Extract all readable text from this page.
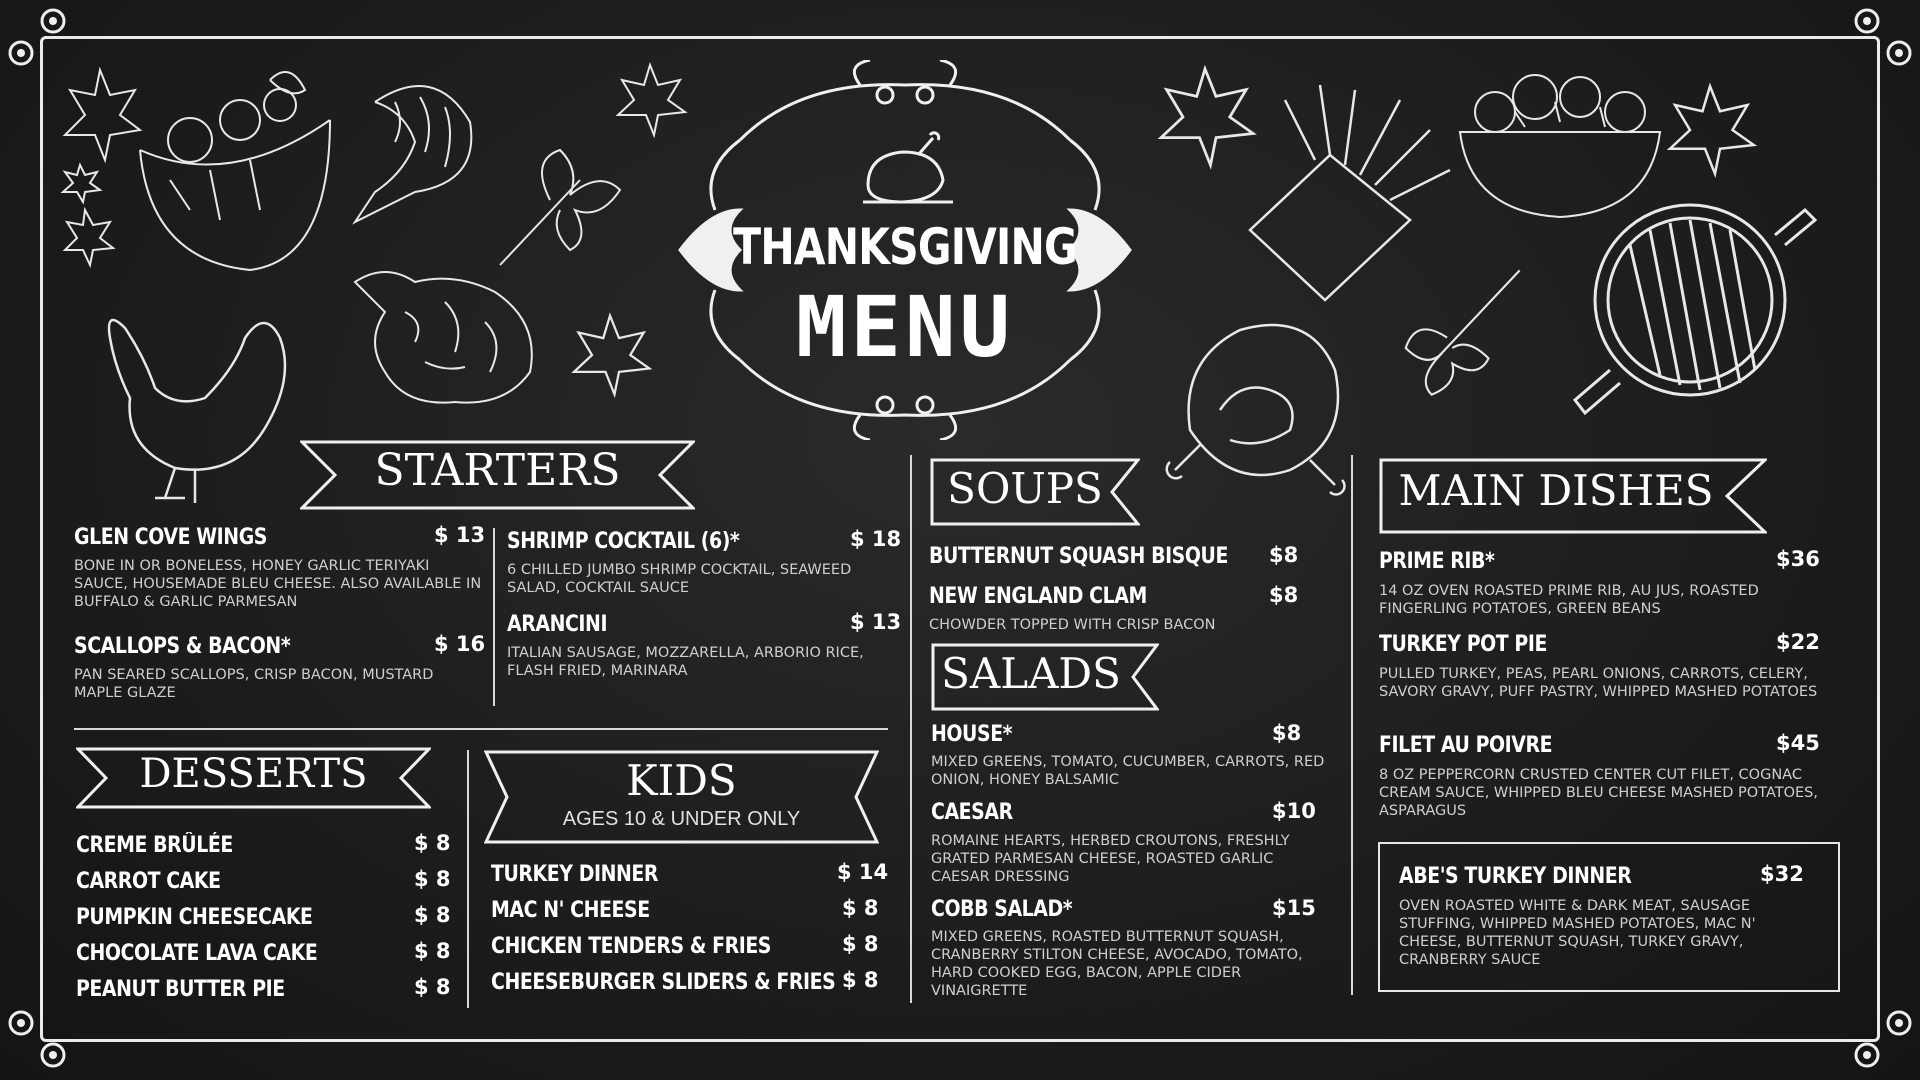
THANKSGIVING
MENU
STARTERS
GLEN COVE WINGS	$ 13
BONE IN OR BONELESS, HONEY GARLIC TERIYAKI SAUCE, HOUSEMADE BLEU CHEESE. ALSO AVAILABLE IN BUFFALO & GARLIC PARMESAN
SCALLOPS & BACON*	$ 16
PAN SEARED SCALLOPS, CRISP BACON, MUSTARD MAPLE GLAZE
SHRIMP COCKTAIL (6)*	$ 18
6 CHILLED JUMBO SHRIMP COCKTAIL, SEAWEED SALAD, COCKTAIL SAUCE
ARANCINI	$ 13
ITALIAN SAUSAGE, MOZZARELLA, ARBORIO RICE, FLASH FRIED, MARINARA
DESSERTS
CREME BRÛLÉE	$ 8
CARROT CAKE	$ 8
PUMPKIN CHEESECAKE	$ 8
CHOCOLATE LAVA CAKE	$ 8
PEANUT BUTTER PIE	$ 8
KIDS
AGES 10 & UNDER ONLY
TURKEY DINNER	$ 14
MAC N' CHEESE	$ 8
CHICKEN TENDERS & FRIES	$ 8
CHEESEBURGER SLIDERS & FRIES $ 8
SOUPS
BUTTERNUT SQUASH BISQUE $8
NEW ENGLAND CLAM	$8
CHOWDER TOPPED WITH CRISP BACON
SALADS
HOUSE*	$8
MIXED GREENS, TOMATO, CUCUMBER, CARROTS, RED ONION, HONEY BALSAMIC
CAESAR	$10
ROMAINE HEARTS, HERBED CROUTONS, FRESHLY GRATED PARMESAN CHEESE, ROASTED GARLIC CAESAR DRESSING
COBB SALAD*	$15
MIXED GREENS, ROASTED BUTTERNUT SQUASH, CRANBERRY STILTON CHEESE, AVOCADO, TOMATO, HARD COOKED EGG, BACON, APPLE CIDER VINAIGRETTE
MAIN DISHES
PRIME RIB*	$36
14 OZ OVEN ROASTED PRIME RIB, AU JUS, ROASTED FINGERLING POTATOES, GREEN BEANS
TURKEY POT PIE	$22
PULLED TURKEY, PEAS, PEARL ONIONS, CARROTS, CELERY, SAVORY GRAVY, PUFF PASTRY, WHIPPED MASHED POTATOES
FILET AU POIVRE	$45
8 OZ PEPPERCORN CRUSTED CENTER CUT FILET, COGNAC CREAM SAUCE, WHIPPED BLEU CHEESE MASHED POTATOES, ASPARAGUS
ABE'S TURKEY DINNER	$32
OVEN ROASTED WHITE & DARK MEAT, SAUSAGE STUFFING, WHIPPED MASHED POTATOES, MAC N' CHEESE, BUTTERNUT SQUASH, TURKEY GRAVY, CRANBERRY SAUCE
